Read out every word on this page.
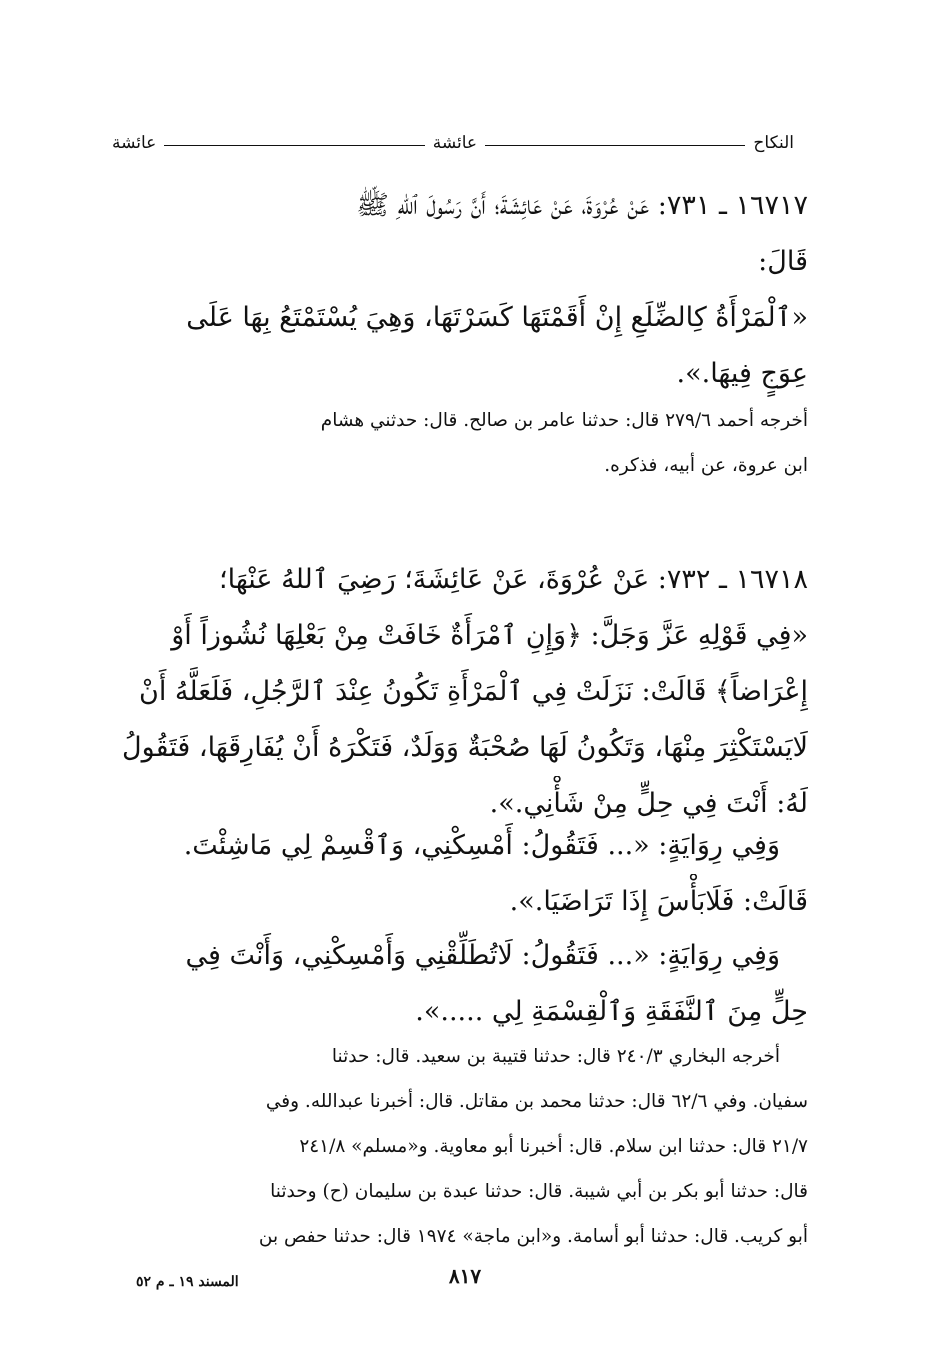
النكاح
عائشة
عائشة
١٦٧١٧ ـ ٧٣١: عَنْ عُرْوَةَ، عَنْ عَائِشَةَ؛ أَنَّ رَسُولَ ٱللهِ ﷺ
قَالَ:
«ٱلْمَرْأَةُ كِالضِّلَعِ إِنْ أَقَمْتَهَا كَسَرْتَهَا، وَهِيَ يُسْتَمْتَعُ بِهَا عَلَى
عِوَجٍ فِيهَا.».
أخرجه أحمد ٢٧٩/٦ قال: حدثنا عامر بن صالح. قال: حدثني هشام
ابن عروة، عن أبيه، فذكره.
١٦٧١٨ ـ ٧٣٢: عَنْ عُرْوَةَ، عَنْ عَائِشَةَ؛ رَضِيَ ٱللهُ عَنْهَا؛
«فِي قَوْلِهِ عَزَّ وَجَلَّ: ﴿وَإِنِ ٱمْرَأَةٌ خَافَتْ مِنْ بَعْلِهَا نُشُوزاً أَوْ
إِعْرَاضاً﴾ قَالَتْ: نَزَلَتْ فِي ٱلْمَرْأَةِ تَكُونُ عِنْدَ ٱلرَّجُلِ، فَلَعَلَّهُ أَنْ
لَايَسْتَكْثِرَ مِنْهَا، وَتَكُونُ لَهَا صُحْبَةٌ وَوَلَدٌ، فَتَكْرَهُ أَنْ يُفَارِقَهَا، فَتَقُولُ
لَهُ: أَنْتَ فِي حِلٍّ مِنْ شَأْنِي.».
وَفِي رِوَايَةٍ: «... فَتَقُولُ: أَمْسِكْنِي، وَٱقْسِمْ لِي مَاشِئْتَ.
قَالَتْ: فَلَابَأْسَ إِذَا تَرَاضَيَا.».
وَفِي رِوَايَةٍ: «... فَتَقُولُ: لَاتُطَلِّقْنِي وَأَمْسِكْنِي، وَأَنْتَ فِي
حِلٍّ مِنَ ٱلنَّفَقَةِ وَٱلْقِسْمَةِ لِي .....».
أخرجه البخاري ٢٤٠/٣ قال: حدثنا قتيبة بن سعيد. قال: حدثنا
سفيان. وفي ٦٢/٦ قال: حدثنا محمد بن مقاتل. قال: أخبرنا عبدالله. وفي
٢١/٧ قال: حدثنا ابن سلام. قال: أخبرنا أبو معاوية. و«مسلم» ٢٤١/٨
قال: حدثنا أبو بكر بن أبي شيبة. قال: حدثنا عبدة بن سليمان (ح) وحدثنا
أبو كريب. قال: حدثنا أبو أسامة. و«ابن ماجة» ١٩٧٤ قال: حدثنا حفص بن
٨١٧
المسند ١٩ ـ م ٥٢
